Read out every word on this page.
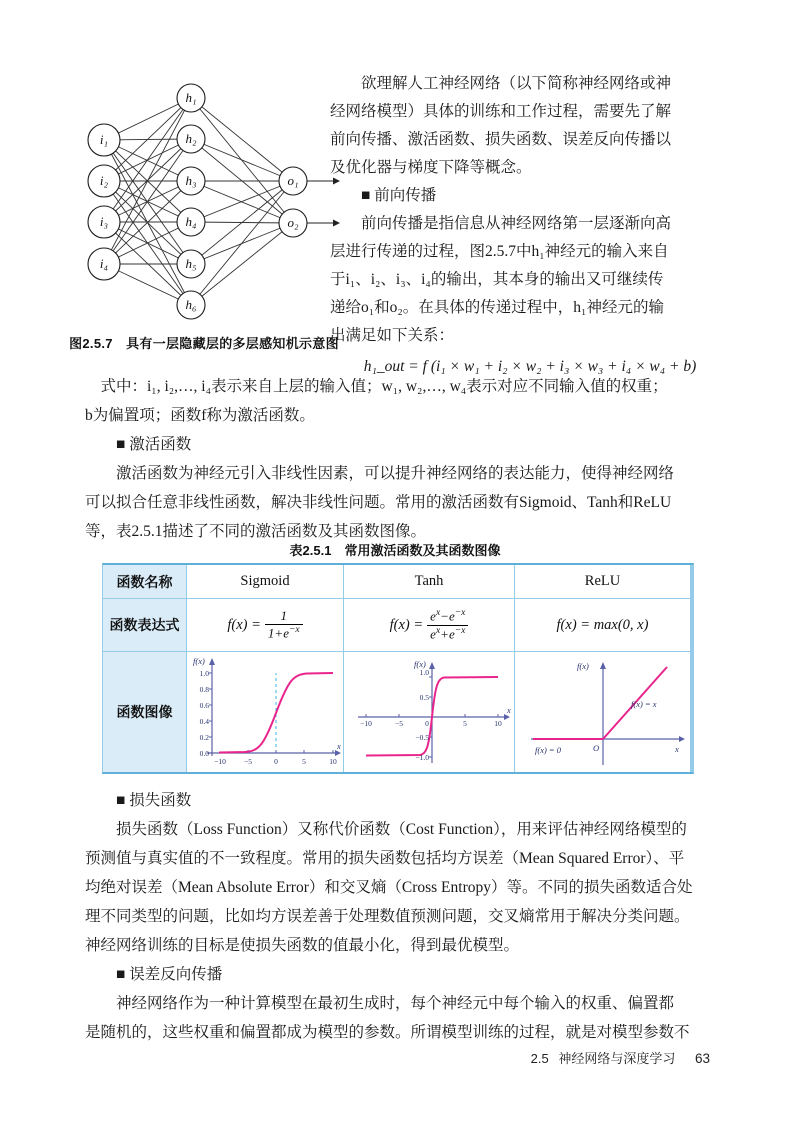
i₁
i₂
i₃
i₄
h₁
h₂
h₃
h₄
h₅
h₆
o₁
o₂
图2.5.7　具有一层隐藏层的多层感知机示意图
　　欲理解人工神经网络（以下简称神经网络或神
经网络模型）具体的训练和工作过程，需要先了解
前向传播、激活函数、损失函数、误差反向传播以
及优化器与梯度下降等概念。
　　■ 前向传播
　　前向传播是指信息从神经网络第一层逐渐向高
层进行传递的过程，图2.5.7中h₁神经元的输入来自
于i₁、i₂、i₃、i₄的输出，其本身的输出又可继续传
递给o₁和o₂。在具体的传递过程中，h₁神经元的输
出满足如下关系：
h₁_out = f (i₁ × w₁ + i₂ × w₂ + i₃ × w₃ + i₄ × w₄ + b)
　式中：i₁, i₂,…, i₄表示来自上层的输入值；w₁, w₂,…, w₄表示对应不同输入值的权重；
b为偏置项；函数f称为激活函数。
　　■ 激活函数
　　激活函数为神经元引入非线性因素，可以提升神经网络的表达能力，使得神经网络
可以拟合任意非线性函数，解决非线性问题。常用的激活函数有Sigmoid、Tanh和ReLU
等，表2.5.1描述了不同的激活函数及其函数图像。
表2.5.1　常用激活函数及其函数图像
函数名称	Sigmoid	Tanh	ReLU
函数表达式	$f(x) = \frac{1}{1+e^{-x}}$	$f(x) = \frac{e^x-e^{-x}}{e^x+e^{-x}}$	f(x) = max(0, x)
函数图像
1.0
0.8
0.6
0.4
0.2
0.0
−10 −5	0	5	10
f(x)
x
1.0
0.5
−0.5
−1.0
−10	−5	0	5	10
f(x)
x
f(x)
x
O
f(x) = x
f(x) = 0
　　■ 损失函数
　　损失函数（Loss Function）又称代价函数（Cost Function），用来评估神经网络模型的
预测值与真实值的不一致程度。常用的损失函数包括均方误差（Mean Squared Error）、平
均绝对误差（Mean Absolute Error）和交叉熵（Cross Entropy）等。不同的损失函数适合处
理不同类型的问题，比如均方误差善于处理数值预测问题，交叉熵常用于解决分类问题。
神经网络训练的目标是使损失函数的值最小化，得到最优模型。
　　■ 误差反向传播
　　神经网络作为一种计算模型在最初生成时，每个神经元中每个输入的权重、偏置都
是随机的，这些权重和偏置都成为模型的参数。所谓模型训练的过程，就是对模型参数不
2.5 神经网络与深度学习 63
